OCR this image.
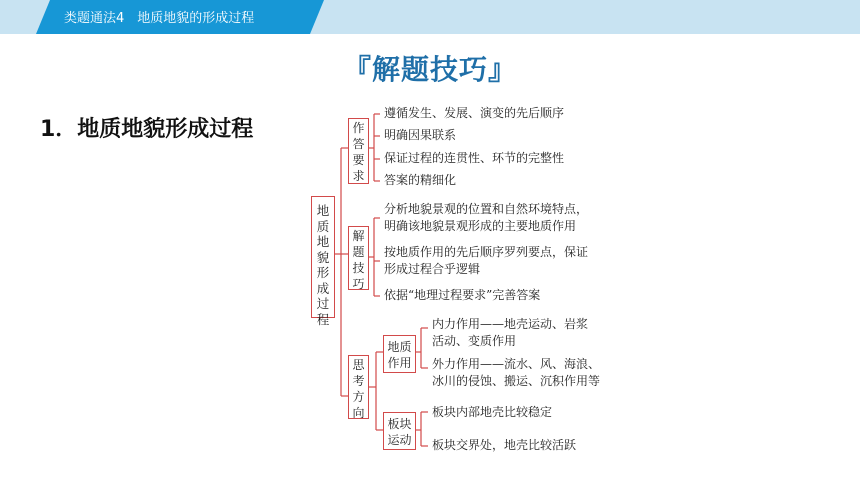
类题通法4　地质地貌的形成过程
『解题技巧』
1．地质地貌形成过程
地
质
地
貌
形
成
过
程
作
答
要
求
遵循发生、发展、演变的先后顺序
明确因果联系
保证过程的连贯性、环节的完整性
答案的精细化
解
题
技
巧
分析地貌景观的位置和自然环境特点，
明确该地貌景观形成的主要地质作用
按地质作用的先后顺序罗列要点，保证
形成过程合乎逻辑
依据“地理过程要求”完善答案
思
考
方
向
地质
作用
内力作用——地壳运动、岩浆
活动、变质作用
外力作用——流水、风、海浪、
冰川的侵蚀、搬运、沉积作用等
板块
运动
板块内部地壳比较稳定
板块交界处，地壳比较活跃
